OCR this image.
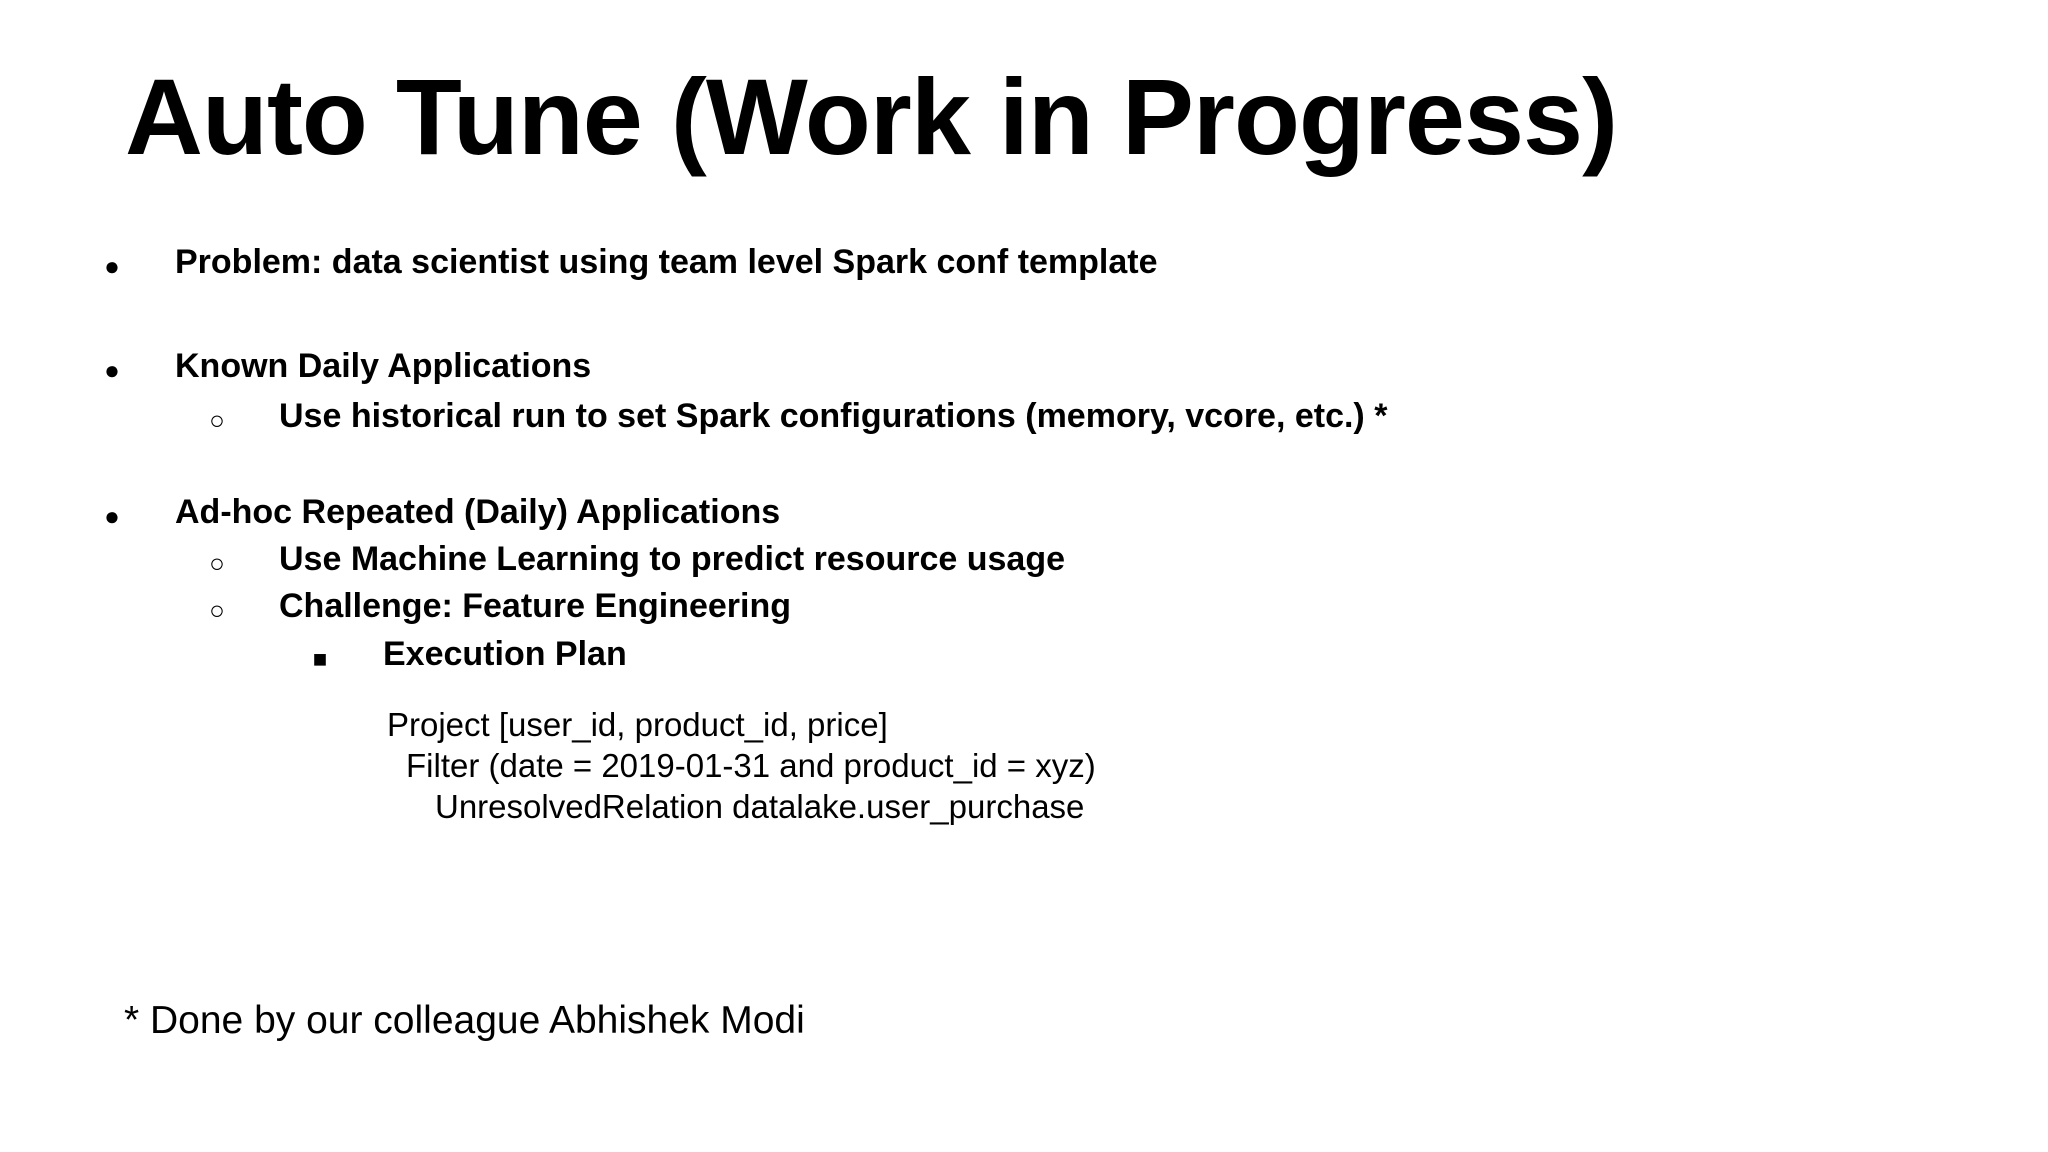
Auto Tune (Work in Progress)
●
Problem: data scientist using team level Spark conf template
●
Known Daily Applications
○
Use historical run to set Spark configurations (memory, vcore, etc.) *
●
Ad-hoc Repeated (Daily) Applications
○
Use Machine Learning to predict resource usage
○
Challenge: Feature Engineering
■
Execution Plan
Project [user_id, product_id, price]
Filter (date = 2019-01-31 and product_id = xyz)
UnresolvedRelation datalake.user_purchase
* Done by our colleague Abhishek Modi
